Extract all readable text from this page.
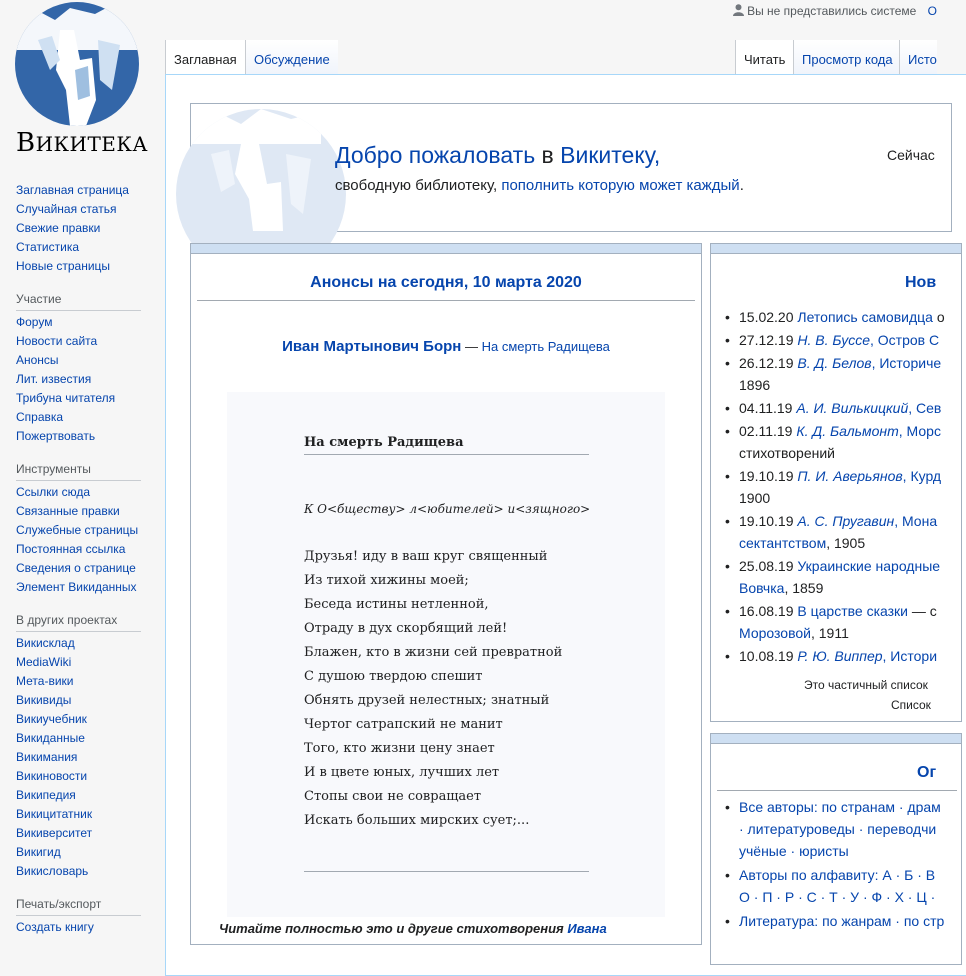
ВИКИТЕКА
Вы не представились системе О
Заглавная	Обсуждение	Читать	Просмотр кода	Исто
Заглавная страница
Случайная статья
Свежие правки
Статистика
Новые страницы
Участие
Форум
Новости сайта
Анонсы
Лит. известия
Трибуна читателя
Справка
Пожертвовать
Инструменты
Ссылки сюда
Связанные правки
Служебные страницы
Постоянная ссылка
Сведения о странице
Элемент Викиданных
В других проектах
Викисклад
MediaWiki
Мета-вики
Викивиды
Викиучебник
Викиданные
Викимания
Викиновости
Википедия
Викицитатник
Викиверситет
Викигид
Викисловарь
Печать/экспорт
Создать книгу
Добро пожаловать в Викитеку,
свободную библиотеку, пополнить которую может каждый.
Сейчас
Анонсы на сегодня, 10 марта 2020
Иван Мартынович Борн — На смерть Радищева
На смерть Радищева
К О<бществу> л<юбителей> и<зящного>
Друзья! иду в ваш круг священный
Из тихой хижины моей;
Беседа истины нетленной,
Отраду в дух скорбящий лей!
Блажен, кто в жизни сей превратной
С душою твердою спешит
Обнять друзей нелестных; знатный
Чертог сатрапский не манит
Того, кто жизни цену знает
И в цвете юных, лучших лет
Стопы свои не совращает
Искать больших мирских сует;...
Читайте полностью это и другие стихотворения Ивана
Нов
• 15.02.20 Летопись самовидца о
• 27.12.19 Н. В. Буссе, Остров С
• 26.12.19 В. Д. Белов, Историче
1896
• 04.11.19 А. И. Вилькицкий, Сев
• 02.11.19 К. Д. Бальмонт, Морс
стихотворений
• 19.10.19 П. И. Аверьянов, Курд
1900
• 19.10.19 А. С. Пругавин, Мона
сектантством, 1905
• 25.08.19 Украинские народные
Вовчка, 1859
• 16.08.19 В царстве сказки — с
Морозовой, 1911
• 10.08.19 Р. Ю. Виппер, Истори
Это частичный список
Список
Ог
• Все авторы: по странам · драм
· литературоведы · переводчи
учёные · юристы
• Авторы по алфавиту: А · Б · В
О · П · Р · С · Т · У · Ф · Х · Ц ·
• Литература: по жанрам · по стр
